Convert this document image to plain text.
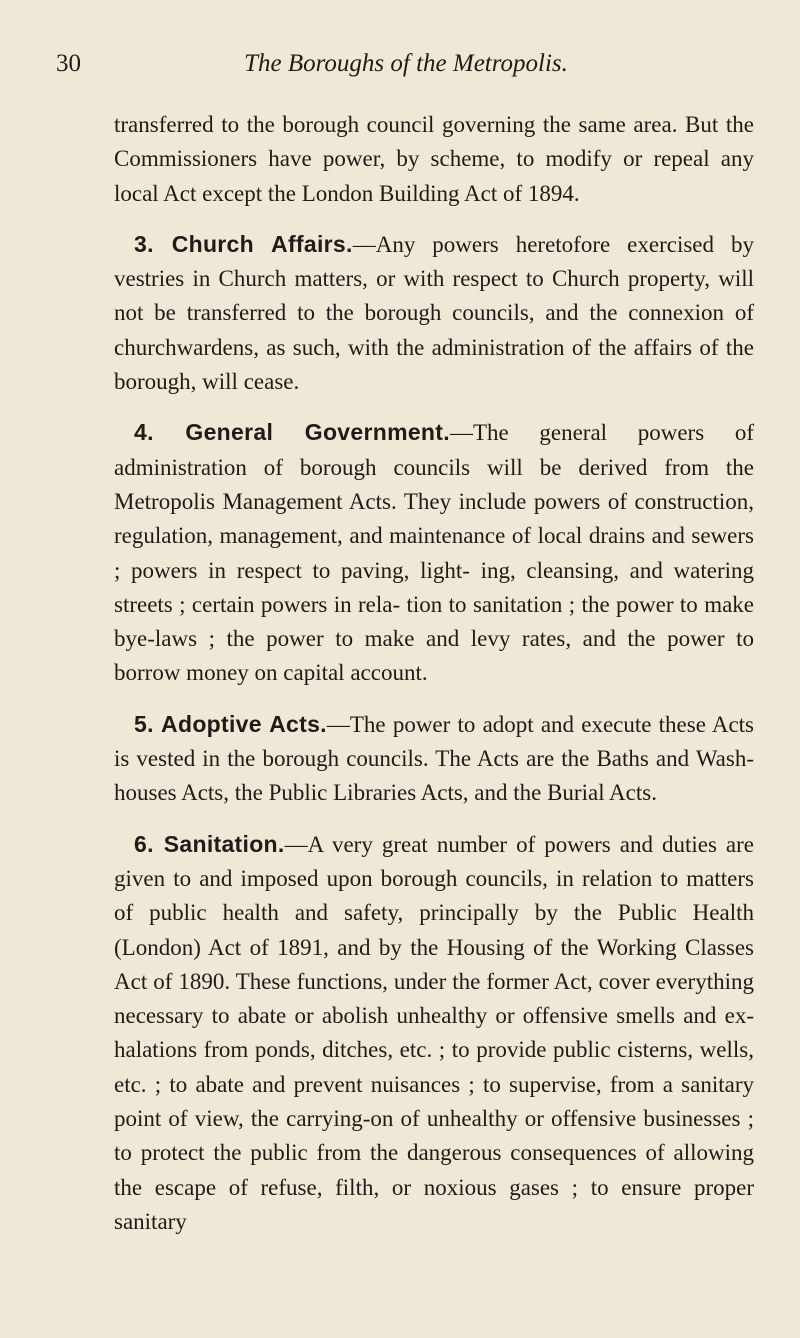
30	The Boroughs of the Metropolis.

transferred to the borough council governing the same area. But the Commissioners have power, by scheme, to modify or repeal any local Act except the London Building Act of 1894.

3. Church Affairs.—Any powers heretofore exercised by vestries in Church matters, or with respect to Church property, will not be transferred to the borough councils, and the connexion of churchwardens, as such, with the administration of the affairs of the borough, will cease.

4. General Government.—The general powers of administration of borough councils will be derived from the Metropolis Management Acts. They include powers of construction, regulation, management, and maintenance of local drains and sewers ; powers in respect to paving, light- ing, cleansing, and watering streets ; certain powers in rela- tion to sanitation ; the power to make bye-laws ; the power to make and levy rates, and the power to borrow money on capital account.

5. Adoptive Acts.—The power to adopt and execute these Acts is vested in the borough councils. The Acts are the Baths and Wash-houses Acts, the Public Libraries Acts, and the Burial Acts.

6. Sanitation.—A very great number of powers and duties are given to and imposed upon borough councils, in relation to matters of public health and safety, principally by the Public Health (London) Act of 1891, and by the Housing of the Working Classes Act of 1890. These functions, under the former Act, cover everything necessary to abate or abolish unhealthy or offensive smells and ex- halations from ponds, ditches, etc. ; to provide public cisterns, wells, etc. ; to abate and prevent nuisances ; to supervise, from a sanitary point of view, the carrying-on of unhealthy or offensive businesses ; to protect the public from the dangerous consequences of allowing the escape of refuse, filth, or noxious gases ; to ensure proper sanitary
